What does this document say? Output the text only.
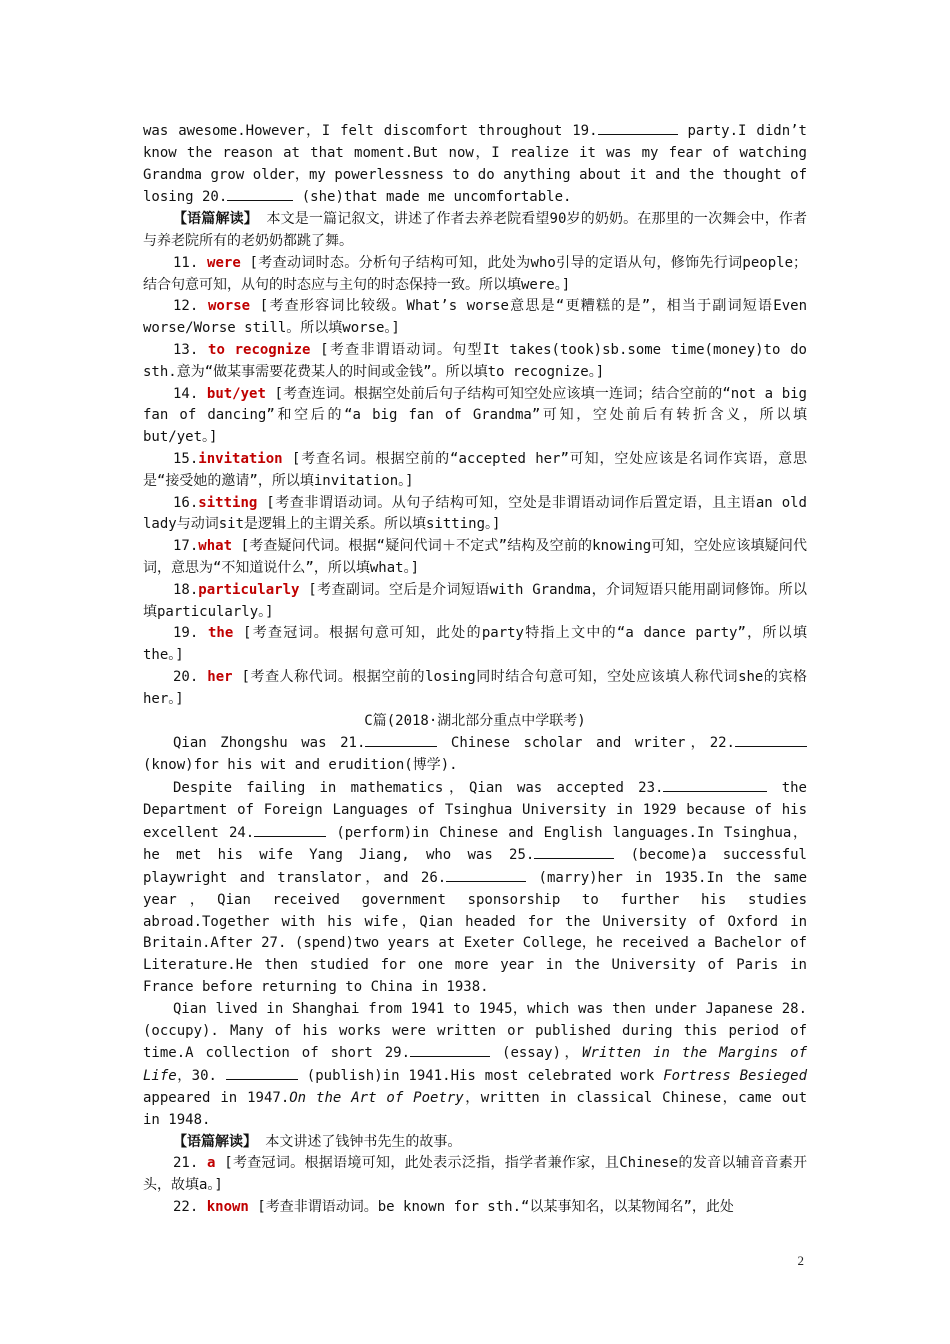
was awesome.However，I felt discomfort throughout 19.	party.I didn’t know the reason at that moment.But now，I realize it was my fear of watching Grandma grow older，my powerlessness to do anything about it and the thought of losing 20.	(she)that made me uncomfortable.
【语篇解读】 本文是一篇记叙文，讲述了作者去养老院看望90岁的奶奶。在那里的一次舞会中，作者与养老院所有的老奶奶都跳了舞。
11. were [考查动词时态。分析句子结构可知，此处为who引导的定语从句，修饰先行词people；结合句意可知，从句的时态应与主句的时态保持一致。所以填were。]
12. worse [考查形容词比较级。What’s worse意思是“更糟糕的是”，相当于副词短语Even worse/Worse still。所以填worse。]
13. to recognize [考查非谓语动词。句型It takes(took)sb.some time(money)to do sth.意为“做某事需要花费某人的时间或金钱”。所以填to recognize。]
14. but/yet [考查连词。根据空处前后句子结构可知空处应该填一连词；结合空前的“not a big fan of dancing”和空后的“a big fan of Grandma”可知，空处前后有转折含义，所以填but/yet。]
15.invitation [考查名词。根据空前的“accepted her”可知，空处应该是名词作宾语，意思是“接受她的邀请”，所以填invitation。]
16.sitting [考查非谓语动词。从句子结构可知，空处是非谓语动词作后置定语，且主语an old lady与动词sit是逻辑上的主谓关系。所以填sitting。]
17.what [考查疑问代词。根据“疑问代词＋不定式”结构及空前的knowing可知，空处应该填疑问代词，意思为“不知道说什么”，所以填what。]
18.particularly [考查副词。空后是介词短语with Grandma，介词短语只能用副词修饰。所以填particularly。]
19. the [考查冠词。根据句意可知，此处的party特指上文中的“a dance party”，所以填the。]
20. her [考查人称代词。根据空前的losing同时结合句意可知，空处应该填人称代词she的宾格her。]
C篇(2018·湖北部分重点中学联考)
Qian Zhongshu was 21.	Chinese scholar and writer，22. (know)for his wit and erudition(博学).
Despite failing in mathematics，Qian was accepted 23.	the Department of Foreign Languages of Tsinghua University in 1929 because of his excellent 24.	(perform)in Chinese and English languages.In Tsinghua，he met his wife Yang Jiang, who was 25.	(become)a successful playwright and translator，and 26.	(marry)her in 1935.In the same year，Qian received government sponsorship to further his studies abroad.Together with his wife，Qian headed for the University of Oxford in Britain.After 27. (spend)two years at Exeter College，he received a Bachelor of Literature.He then studied for one more year in the University of Paris in France before returning to China in 1938.
Qian lived in Shanghai from 1941 to 1945，which was then under Japanese 28. (occupy). Many of his works were written or published during this period of time.A collection of short 29.	(essay)，Written in the Margins of Life，30.	(publish)in 1941.His most celebrated work Fortress Besieged appeared in 1947.On the Art of Poetry，written in classical Chinese，came out in 1948.
【语篇解读】 本文讲述了钱钟书先生的故事。
21. a [考查冠词。根据语境可知，此处表示泛指，指学者兼作家，且Chinese的发音以辅音音素开头，故填a。]
22. known [考查非谓语动词。be known for sth.“以某事知名，以某物闻名”，此处
2
